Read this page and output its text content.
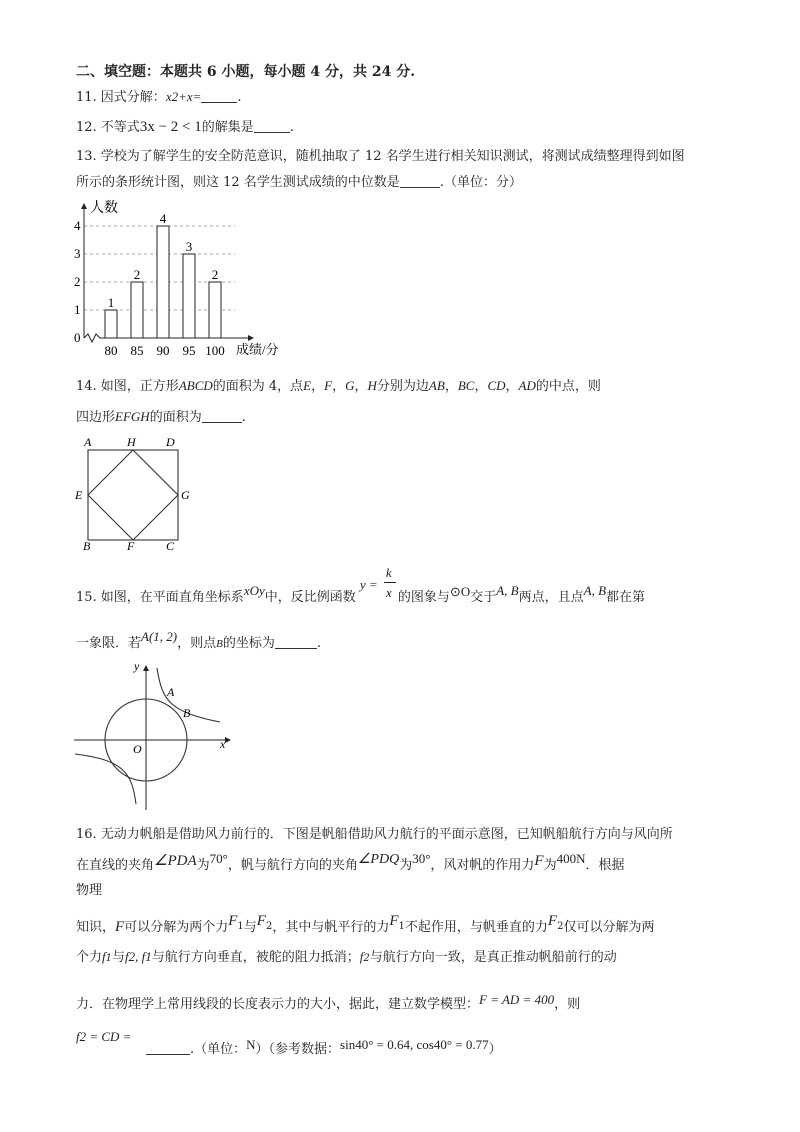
二、填空题：本题共 6 小题，每小题 4 分，共 24 分.
11. 因式分解：x2+x=	.
12. 不等式3x − 2 < 1的解集是	.
13. 学校为了解学生的安全防范意识，随机抽取了 12 名学生进行相关知识测试，将测试成绩整理得到如图
所示的条形统计图，则这 12 名学生测试成绩的中位数是	.（单位：分）
人数
成绩/分
0
1
2
3
4
1
80
2
85
4
90
3
95
2
100
14. 如图，正方形ABCD的面积为 4，点E，F，G，H分别为边AB，BC，CD，AD的中点，则
四边形EFGH的面积为	.
A	H	D
E	G
B	F	C
15. 如图，在平面直角坐标系xOy中，反比例函数
y =
k
x 的图象与⊙O交于A, B两点，且点A, B都在第
一象限．若A(1, 2)，则点B的坐标为	.
y
x
O
A
B
16. 无动力帆船是借助风力前行的．下图是帆船借助风力航行的平面示意图，已知帆船航行方向与风向所
在直线的夹角∠PDA为70°，帆与航行方向的夹角∠PDQ为30°，风对帆的作用力F为400N．根据
物理
知识，F可以分解为两个力F1与F2，其中与帆平行的力F1不起作用，与帆垂直的力F2仅可以分解为两
个力f1与f2, f1与航行方向垂直，被舵的阻力抵消；f2与航行方向一致，是真正推动帆船前行的动
力．在物理学上常用线段的长度表示力的大小，据此，建立数学模型：F = AD = 400，则
f2 = CD =
.（单位：N）（参考数据：sin40° = 0.64, cos40° = 0.77）
